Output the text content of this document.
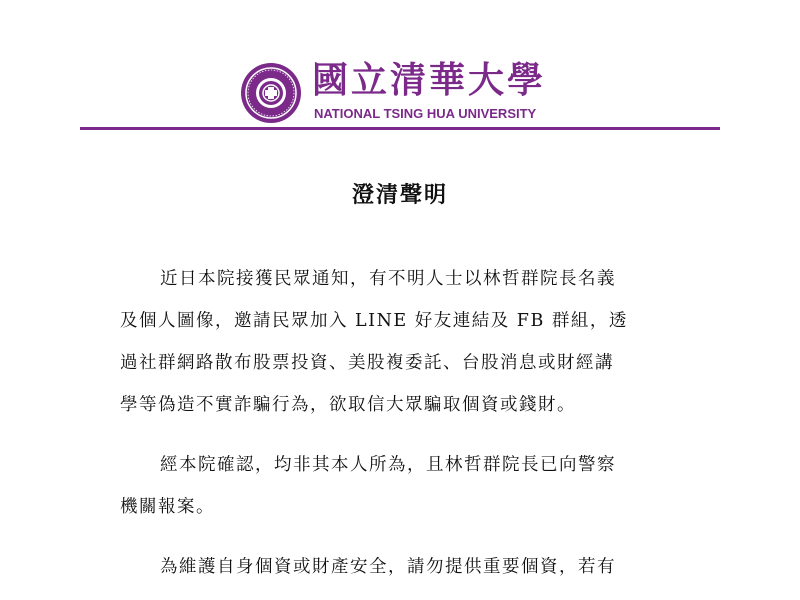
國立清華大學
NATIONAL TSING HUA UNIVERSITY
澄清聲明

近日本院接獲民眾通知，有不明人士以林哲群院長名義
及個人圖像，邀請民眾加入 LINE 好友連結及 FB 群組，透
過社群網路散布股票投資、美股複委託、台股消息或財經講
學等偽造不實詐騙行為，欲取信大眾騙取個資或錢財。

經本院確認，均非其本人所為，且林哲群院長已向警察
機關報案。

為維護自身個資或財產安全，請勿提供重要個資，若有
